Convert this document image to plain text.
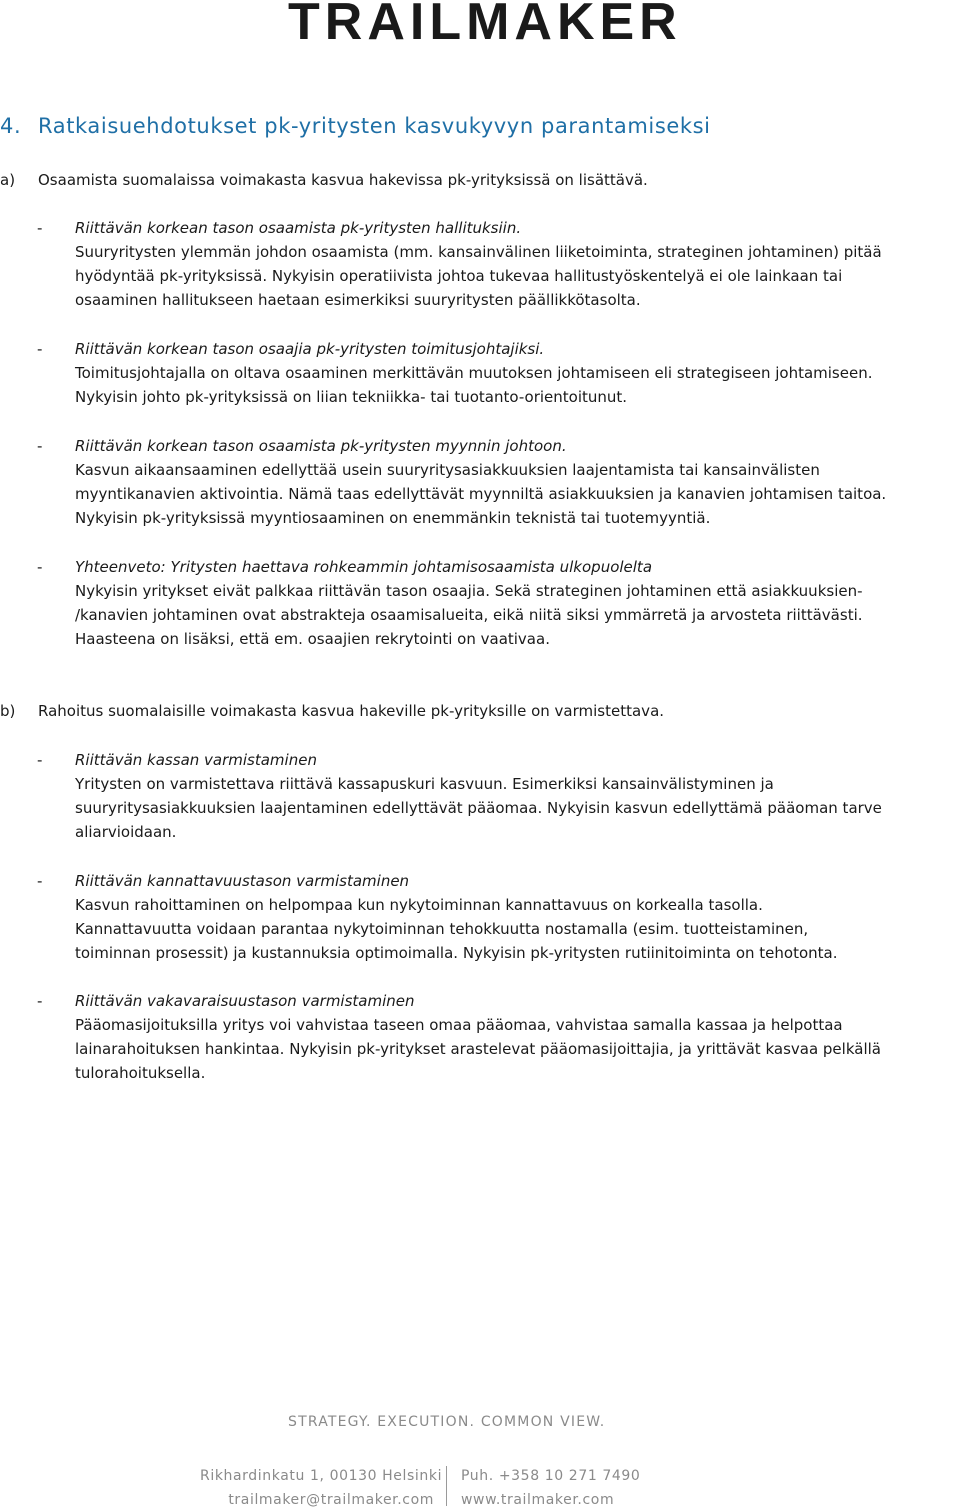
TRAILMAKER
4. Ratkaisuehdotukset pk-yritysten kasvukyvyn parantamiseksi
a) Osaamista suomalaissa voimakasta kasvua hakevissa pk-yrityksissä on lisättävä.
- Riittävän korkean tason osaamista pk-yritysten hallituksiin.
Suuryritysten ylemmän johdon osaamista (mm. kansainvälinen liiketoiminta, strateginen johtaminen) pitää
hyödyntää pk-yrityksissä. Nykyisin operatiivista johtoa tukevaa hallitustyöskentelyä ei ole lainkaan tai
osaaminen hallitukseen haetaan esimerkiksi suuryritysten päällikkötasolta.
- Riittävän korkean tason osaajia pk-yritysten toimitusjohtajiksi.
Toimitusjohtajalla on oltava osaaminen merkittävän muutoksen johtamiseen eli strategiseen johtamiseen.
Nykyisin johto pk-yrityksissä on liian tekniikka- tai tuotanto-orientoitunut.
- Riittävän korkean tason osaamista pk-yritysten myynnin johtoon.
Kasvun aikaansaaminen edellyttää usein suuryritysasiakkuuksien laajentamista tai kansainvälisten
myyntikanavien aktivointia. Nämä taas edellyttävät myynniltä asiakkuuksien ja kanavien johtamisen taitoa.
Nykyisin pk-yrityksissä myyntiosaaminen on enemmänkin teknistä tai tuotemyyntiä.
- Yhteenveto: Yritysten haettava rohkeammin johtamisosaamista ulkopuolelta
Nykyisin yritykset eivät palkkaa riittävän tason osaajia. Sekä strateginen johtaminen että asiakkuuksien-
/kanavien johtaminen ovat abstrakteja osaamisalueita, eikä niitä siksi ymmärretä ja arvosteta riittävästi.
Haasteena on lisäksi, että em. osaajien rekrytointi on vaativaa.
b) Rahoitus suomalaisille voimakasta kasvua hakeville pk-yrityksille on varmistettava.
- Riittävän kassan varmistaminen
Yritysten on varmistettava riittävä kassapuskuri kasvuun. Esimerkiksi kansainvälistyminen ja
suuryritysasiakkuuksien laajentaminen edellyttävät pääomaa. Nykyisin kasvun edellyttämä pääoman tarve
aliarvioidaan.
- Riittävän kannattavuustason varmistaminen
Kasvun rahoittaminen on helpompaa kun nykytoiminnan kannattavuus on korkealla tasolla.
Kannattavuutta voidaan parantaa nykytoiminnan tehokkuutta nostamalla (esim. tuotteistaminen,
toiminnan prosessit) ja kustannuksia optimoimalla. Nykyisin pk-yritysten rutiinitoiminta on tehotonta.
- Riittävän vakavaraisuustason varmistaminen
Pääomasijoituksilla yritys voi vahvistaa taseen omaa pääomaa, vahvistaa samalla kassaa ja helpottaa
lainarahoituksen hankintaa. Nykyisin pk-yritykset arastelevat pääomasijoittajia, ja yrittävät kasvaa pelkällä
tulorahoituksella.
STRATEGY. EXECUTION. COMMON VIEW.
Rikhardinkatu 1, 00130 Helsinki
trailmaker@trailmaker.com
Puh. +358 10 271 7490
www.trailmaker.com
